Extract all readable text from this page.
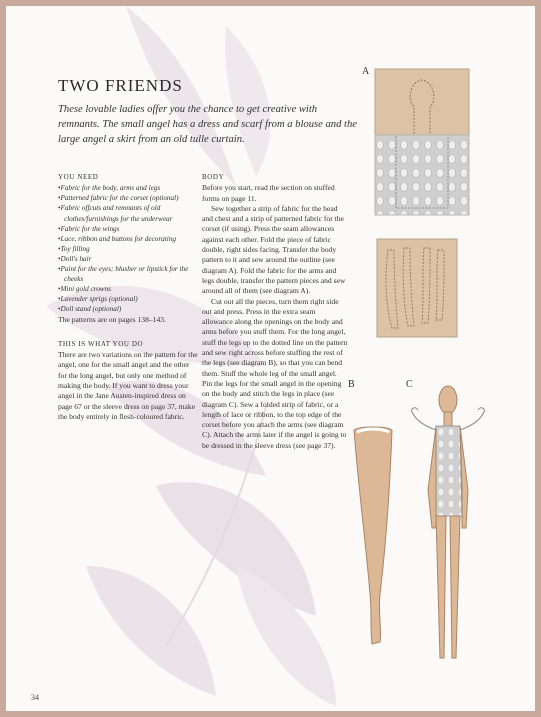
TWO FRIENDS
These lovable ladies offer you the chance to get creative with remnants. The small angel has a dress and scarf from a blouse and the large angel a skirt from an old tulle curtain.
YOU NEED
• Fabric for the body, arms and legs
• Patterned fabric for the corset (optional)
• Fabric offcuts and remnants of old clothes/furnishings for the underwear
• Fabric for the wings
• Lace, ribbon and buttons for decorating
• Toy filling
• Doll's hair
• Paint for the eyes; blusher or lipstick for the cheeks
• Mini gold crowns
• Lavender sprigs (optional)
• Doll stand (optional)

The patterns are on pages 138–143.

THIS IS WHAT YOU DO

There are two variations on the pattern for the angel, one for the small angel and the other for the long angel, but only one method of making the body. If you want to dress your angel in the Jane Austen-inspired dress on page 67 or the sleeve dress on page 37, make the body entirely in flesh-coloured fabric.

BODY

Before you start, read the section on stuffed forms on page 11.

Sew together a strip of fabric for the head and chest and a strip of patterned fabric for the corset (if using). Press the seam allowances against each other. Fold the piece of fabric double, right sides facing. Transfer the body pattern to it and sew around the outline (see diagram A). Fold the fabric for the arms and legs double, transfer the pattern pieces and sew around all of them (see diagram A).

Cut out all the pieces, turn them right side out and press. Press in the extra seam allowance along the openings on the body and arms before you stuff them. For the long angel, stuff the legs up to the dotted line on the pattern and sew right across before stuffing the rest of the legs (see diagram B), so that you can bend them. Stuff the whole leg of the small angel. Pin the legs for the small angel in the opening on the body and stitch the legs in place (see diagram C). Sew a folded strip of fabric, or a length of lace or ribbon, to the top edge of the corset before you attach the arms (see diagram C). Attach the arms later if the angel is going to be dressed in the sleeve dress (see page 37).

A
B	C
34
